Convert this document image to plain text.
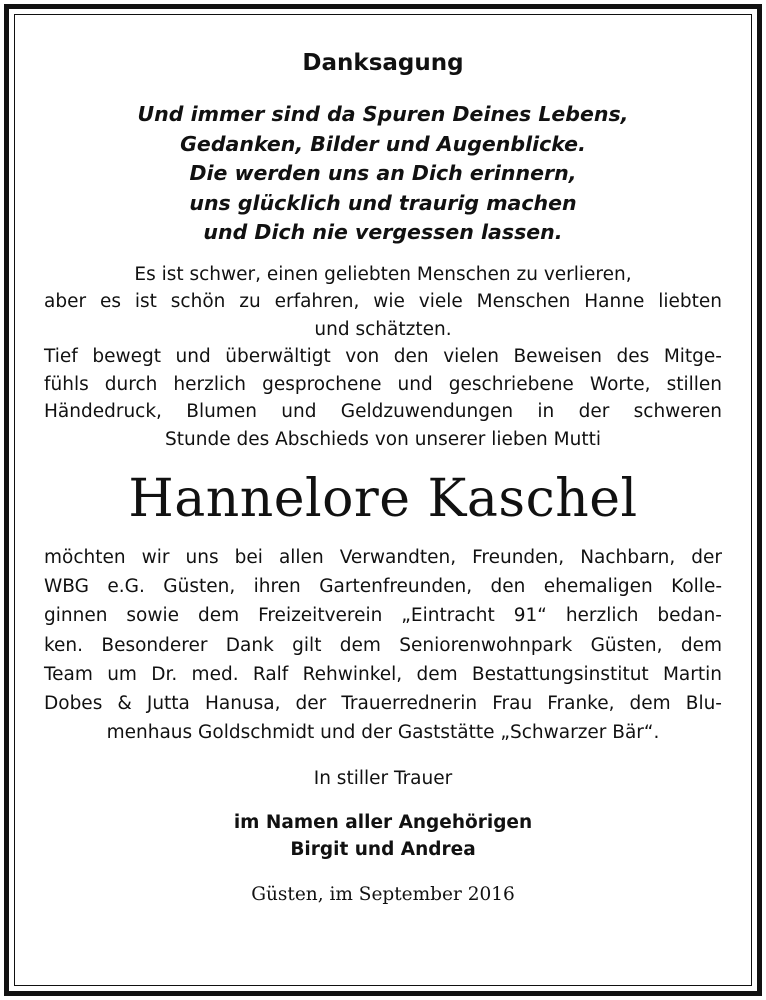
Danksagung
Und immer sind da Spuren Deines Lebens,
Gedanken, Bilder und Augenblicke.
Die werden uns an Dich erinnern,
uns glücklich und traurig machen
und Dich nie vergessen lassen.
Es ist schwer, einen geliebten Menschen zu verlieren,
aber es ist schön zu erfahren, wie viele Menschen Hanne liebten
und schätzten.
Tief bewegt und überwältigt von den vielen Beweisen des Mitge-
fühls durch herzlich gesprochene und geschriebene Worte, stillen
Händedruck, Blumen und Geldzuwendungen in der schweren
Stunde des Abschieds von unserer lieben Mutti
Hannelore Kaschel
möchten wir uns bei allen Verwandten, Freunden, Nachbarn, der
WBG e.G. Güsten, ihren Gartenfreunden, den ehemaligen Kolle-
ginnen sowie dem Freizeitverein „Eintracht 91“ herzlich bedan-
ken. Besonderer Dank gilt dem Seniorenwohnpark Güsten, dem
Team um Dr. med. Ralf Rehwinkel, dem Bestattungsinstitut Martin
Dobes & Jutta Hanusa, der Trauerrednerin Frau Franke, dem Blu-
menhaus Goldschmidt und der Gaststätte „Schwarzer Bär“.
In stiller Trauer
im Namen aller Angehörigen
Birgit und Andrea
Güsten, im September 2016
